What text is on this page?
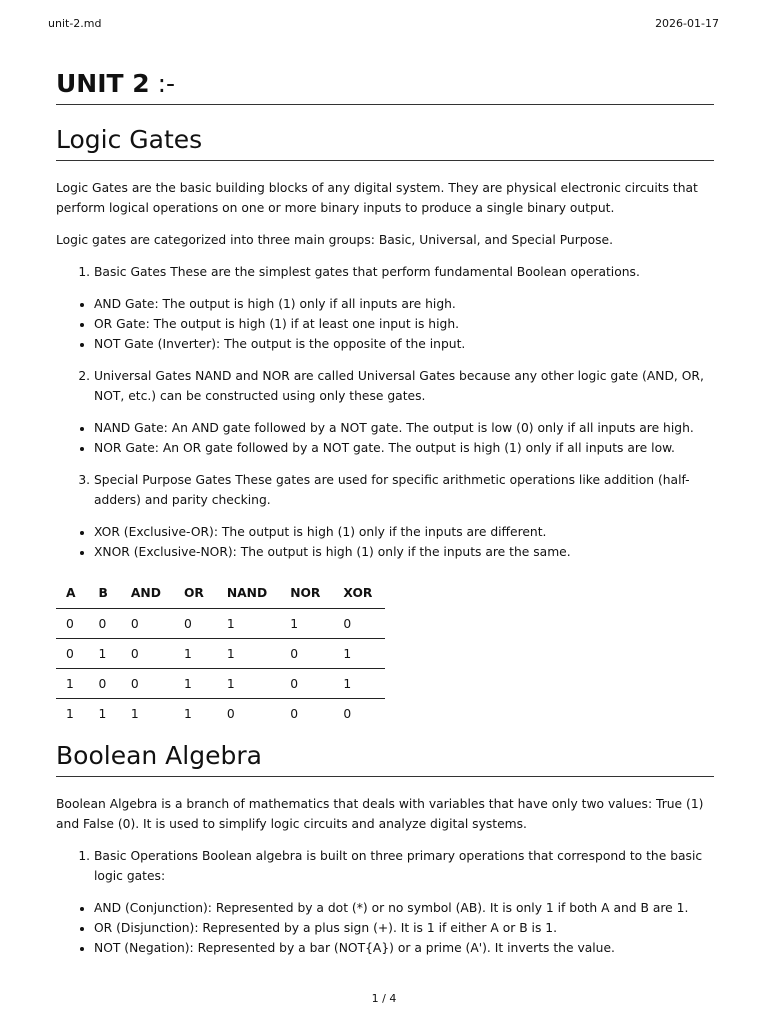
unit-2.md	2026-01-17
UNIT 2 :-
Logic Gates

Logic Gates are the basic building blocks of any digital system. They are physical electronic circuits that perform logical operations on one or more binary inputs to produce a single binary output.

Logic gates are categorized into three main groups: Basic, Universal, and Special Purpose.

1. Basic Gates These are the simplest gates that perform fundamental Boolean operations.
• AND Gate: The output is high (1) only if all inputs are high.
• OR Gate: The output is high (1) if at least one input is high.
• NOT Gate (Inverter): The output is the opposite of the input.
2. Universal Gates NAND and NOR are called Universal Gates because any other logic gate (AND, OR, NOT, etc.) can be constructed using only these gates.
• NAND Gate: An AND gate followed by a NOT gate. The output is low (0) only if all inputs are high.
• NOR Gate: An OR gate followed by a NOT gate. The output is high (1) only if all inputs are low.
3. Special Purpose Gates These gates are used for specific arithmetic operations like addition (half-adders) and parity checking.
• XOR (Exclusive-OR): The output is high (1) only if the inputs are different.
• XNOR (Exclusive-NOR): The output is high (1) only if the inputs are the same.
A	B	AND	OR	NAND	NOR	XOR
0	0	0	0	1	1	0
0	1	0	1	1	0	1
1	0	0	1	1	0	1
1	1	1	1	0	0	0
Boolean Algebra

Boolean Algebra is a branch of mathematics that deals with variables that have only two values: True (1) and False (0). It is used to simplify logic circuits and analyze digital systems.

1. Basic Operations Boolean algebra is built on three primary operations that correspond to the basic logic gates:
• AND (Conjunction): Represented by a dot (*) or no symbol (AB). It is only 1 if both A and B are 1.
• OR (Disjunction): Represented by a plus sign (+). It is 1 if either A or B is 1.
• NOT (Negation): Represented by a bar (NOT{A}) or a prime (A'). It inverts the value.
1 / 4
